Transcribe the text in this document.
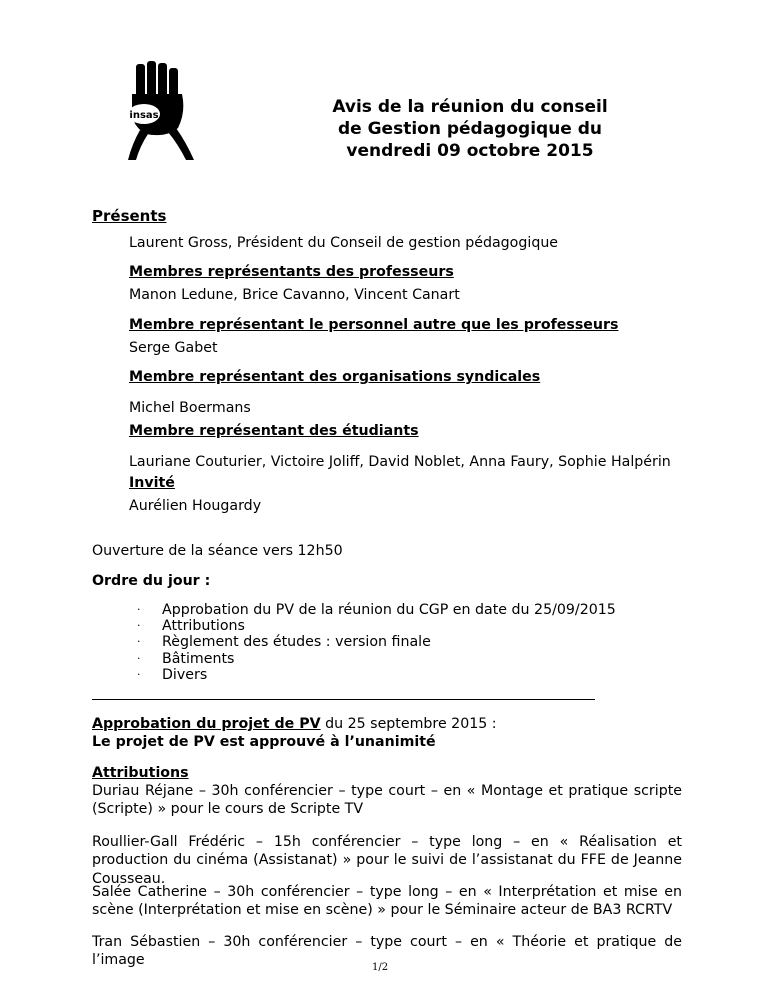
insas	Avis de la réunion du conseil
de Gestion pédagogique du
vendredi 09 octobre 2015
Présents
Laurent Gross, Président du Conseil de gestion pédagogique
Membres représentants des professeurs
Manon Ledune, Brice Cavanno, Vincent Canart
Membre représentant le personnel autre que les professeurs
Serge Gabet
Membre représentant des organisations syndicales
Michel Boermans
Membre représentant des étudiants
Lauriane Couturier, Victoire Joliff, David Noblet, Anna Faury, Sophie Halpérin
Invité
Aurélien Hougardy
Ouverture de la séance vers 12h50
Ordre du jour :
·	Approbation du PV de la réunion du CGP en date du 25/09/2015
·	Attributions
·	Règlement des études : version finale
·	Bâtiments
·	Divers
Approbation du projet de PV du 25 septembre 2015 :
Le projet de PV est approuvé à l’unanimité
Attributions
Duriau Réjane – 30h conférencier – type court – en « Montage et pratique scripte (Scripte) » pour le cours de Scripte TV
Roullier-Gall Frédéric – 15h conférencier – type long – en « Réalisation et production du cinéma (Assistanat) » pour le suivi de l’assistanat du FFE de Jeanne Cousseau.
Salée Catherine – 30h conférencier – type long – en « Interprétation et mise en scène (Interprétation et mise en scène) » pour le Séminaire acteur de BA3 RCRTV
Tran Sébastien – 30h conférencier – type court – en « Théorie et pratique de l’image	1/2
